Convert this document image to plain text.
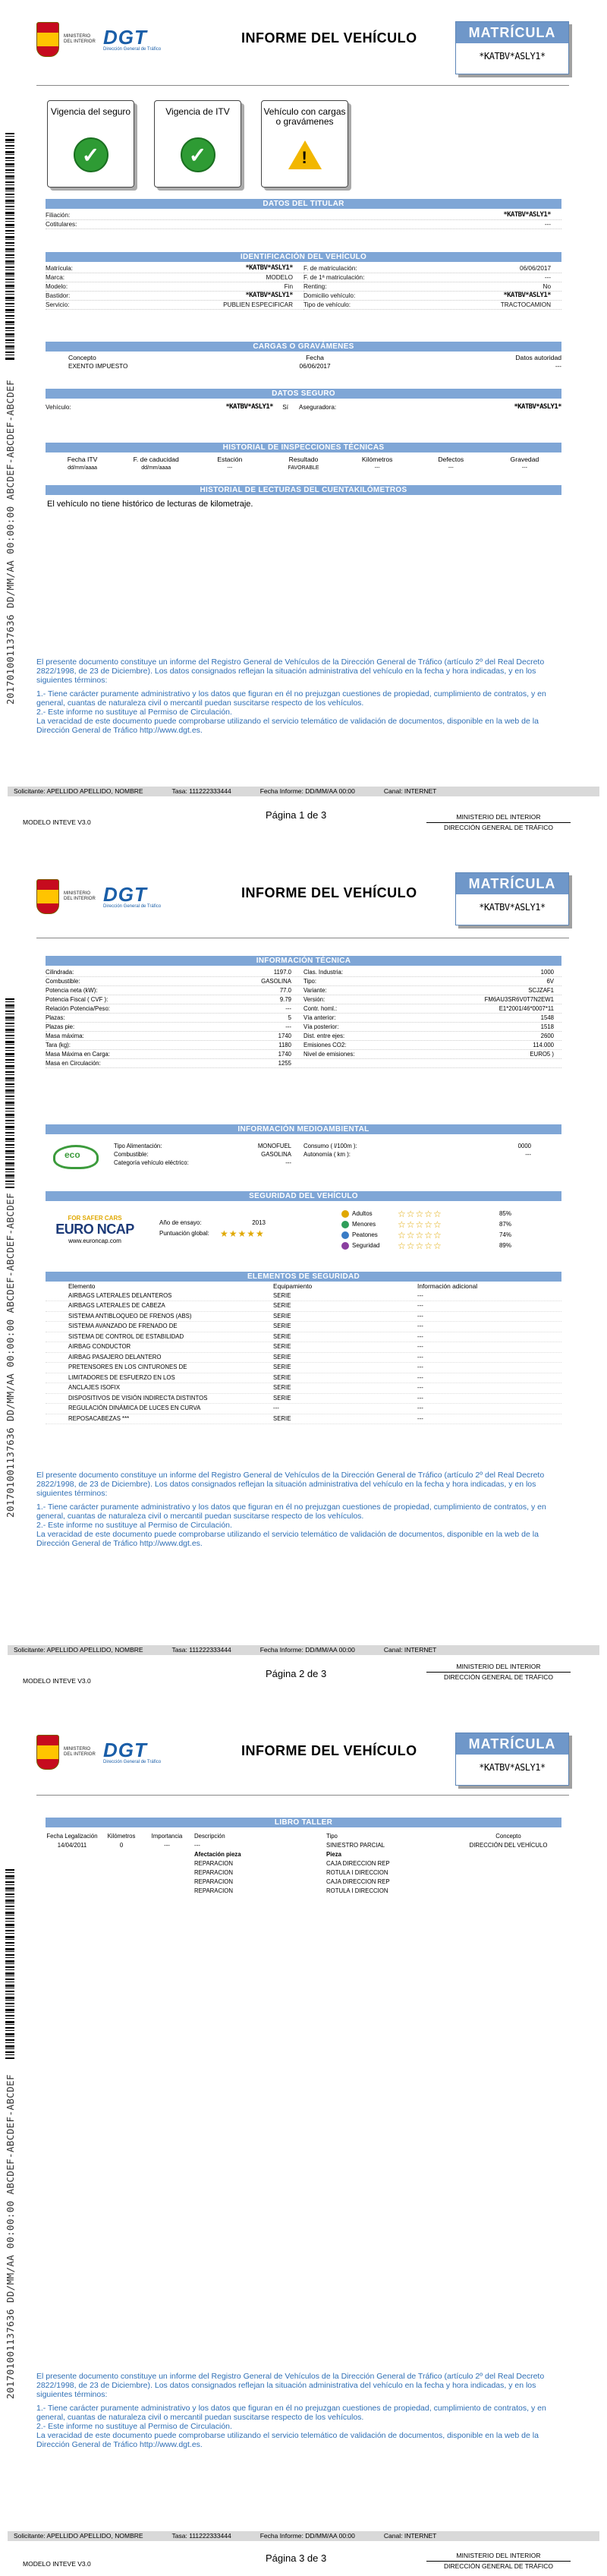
20170100113763​6 DD/MM/AA 00:00:00 ABCDEF-ABCDEF-ABCDEF
MINISTERIO DEL INTERIOR DGT
Dirección General de Tráfico
INFORME DEL VEHÍCULO	MATRÍCULA
*KATBV*ASLY1*
Vigencia del seguro
✓
Vigencia de ITV
✓
Vehículo con cargas o gravámenes
!
DATOS DEL TITULAR
Filiación:	*KATBV*ASLY1*
Cotitulares:	---
IDENTIFICACIÓN DEL VEHÍCULO
Matrícula:	*KATBV*ASLY1*
Marca:	MODELO
Modelo:	Fin
Bastidor:	*KATBV*ASLY1*
Servicio:	PUBLIEN ESPECIFICAR
F. de matriculación:	06/06/2017
F. de 1ª matriculación:	---
Renting:	No
Domicilio vehículo:	*KATBV*ASLY1*
Tipo de vehículo:	TRACTOCAMION
CARGAS O GRAVÁMENES
Concepto	Fecha	Datos autoridad
EXENTO IMPUESTO	06/06/2017	---
DATOS SEGURO
Vehículo:	*KATBV*ASLY1*	Sí	Aseguradora:	*KATBV*ASLY1*
HISTORIAL DE INSPECCIONES TÉCNICAS
Fecha ITV	F. de caducidad	Estación	Resultado	Kilómetros	Defectos	Gravedad
dd/mm/aaaa	dd/mm/aaaa	---	FAVORABLE	---	---	---
HISTORIAL DE LECTURAS DEL CUENTAKILÓMETROS
El vehículo no tiene histórico de lecturas de kilometraje.

El presente documento constituye un informe del Registro General de Vehículos de la Dirección General de Tráfico (artículo 2º del Real Decreto 2822/1998, de 23 de Diciembre). Los datos consignados reflejan la situación administrativa del vehículo en la fecha y hora indicadas, y en los siguientes términos:

1.- Tiene carácter puramente administrativo y los datos que figuran en él no prejuzgan cuestiones de propiedad, cumplimiento de contratos, y en general, cuantas de naturaleza civil o mercantil puedan suscitarse respecto de los vehículos.

2.- Este informe no sustituye al Permiso de Circulación.

La veracidad de este documento puede comprobarse utilizando el servicio telemático de validación de documentos, disponible en la web de la Dirección General de Tráfico http://www.dgt.es.

Solicitante: APELLIDO APELLIDO, NOMBRE	Tasa: 111222333444	Fecha Informe: DD/MM/AA 00:00	Canal: INTERNET
MODELO INTEVE V3.0
Página 1 de 3	MINISTERIO DEL INTERIOR
DIRECCIÓN GENERAL DE TRÁFICO
20170100113763​6 DD/MM/AA 00:00:00 ABCDEF-ABCDEF-ABCDEF
MINISTERIO DEL INTERIOR DGT
Dirección General de Tráfico
INFORME DEL VEHÍCULO
MATRÍCULA
*KATBV*ASLY1*
INFORMACIÓN TÉCNICA
Cilindrada:	1197.0	Clas. Industria:	1000
Combustible:	GASOLINA	Tipo:	6V
Potencia neta (kW):	77.0	Variante:	SCJZAF1
Potencia Fiscal ( CVF ):	9.79	Versión:	FM6AU3SR6V0T7N2EW1
Relación Potencia/Peso:	---	Contr. homl.:	E1*2001/46*0007*11
Plazas:	5	Vía anterior:	1548
Plazas pie:	---	Vía posterior:	1518
Masa máxima:	1740	Dist. entre ejes:	2600
Tara (kg):	1180	Emisiones CO2:	114.000
Masa Máxima en Carga:	1740	Nivel de emisiones:	EURO5 )
Masa en Circulación:	1255
INFORMACIÓN MEDIOAMBIENTAL
eco
Tipo Alimentación:	MONOFUEL	Consumo ( l/100m ):	0000
Combustible:	GASOLINA	Autonomía ( km ):	---
Categoría vehículo eléctrico:	---
SEGURIDAD DEL VEHÍCULO
FOR SAFER CARS
EURO NCAP
www.euroncap.com
Año de ensayo:	2013
Puntuación global:	★★★★★
Adultos	☆☆☆☆☆	85%
Menores	☆☆☆☆☆	87%
Peatones	☆☆☆☆☆	74%
Seguridad	☆☆☆☆☆	89%
ELEMENTOS DE SEGURIDAD
Elemento	Equipamiento	Información adicional
AIRBAGS LATERALES DELANTEROS	SERIE	---
AIRBAGS LATERALES DE CABEZA	SERIE	---
SISTEMA ANTIBLOQUEO DE FRENOS (ABS)	SERIE	---
SISTEMA AVANZADO DE FRENADO DE	SERIE	---
SISTEMA DE CONTROL DE ESTABILIDAD	SERIE	---
AIRBAG CONDUCTOR	SERIE	---
AIRBAG PASAJERO DELANTERO	SERIE	---
PRETENSORES EN LOS CINTURONES DE	SERIE	---
LIMITADORES DE ESFUERZO EN LOS	SERIE	---
ANCLAJES ISOFIX	SERIE	---
DISPOSITIVOS DE VISIÓN INDIRECTA DISTINTOS	SERIE	---
REGULACIÓN DINÁMICA DE LUCES EN CURVA	---	---
REPOSACABEZAS ***	SERIE	---

El presente documento constituye un informe del Registro General de Vehículos de la Dirección General de Tráfico (artículo 2º del Real Decreto 2822/1998, de 23 de Diciembre). Los datos consignados reflejan la situación administrativa del vehículo en la fecha y hora indicadas, y en los siguientes términos:

1.- Tiene carácter puramente administrativo y los datos que figuran en él no prejuzgan cuestiones de propiedad, cumplimiento de contratos, y en general, cuantas de naturaleza civil o mercantil puedan suscitarse respecto de los vehículos.

2.- Este informe no sustituye al Permiso de Circulación.

La veracidad de este documento puede comprobarse utilizando el servicio telemático de validación de documentos, disponible en la web de la Dirección General de Tráfico http://www.dgt.es.

Solicitante: APELLIDO APELLIDO, NOMBRE	Tasa: 111222333444	Fecha Informe: DD/MM/AA 00:00	Canal: INTERNET
MODELO INTEVE V3.0
Página 2 de 3
MINISTERIO DEL INTERIOR
DIRECCIÓN GENERAL DE TRÁFICO
20170100113763​6 DD/MM/AA 00:00:00 ABCDEF-ABCDEF-ABCDEF
MINISTERIO DEL INTERIOR DGT
Dirección General de Tráfico
INFORME DEL VEHÍCULO	MATRÍCULA
*KATBV*ASLY1*
LIBRO TALLER
Fecha Legalización	Kilómetros	Importancia	Descripción	Tipo	Concepto
14/04/2011	0	---	---	SINIESTRO PARCIAL	DIRECCIÓN DEL VEHÍCULO
Afectación pieza	Pieza
REPARACION	CAJA DIRECCION REP
REPARACION	ROTULA I DIRECCION
REPARACION	CAJA DIRECCION REP
REPARACION	ROTULA I DIRECCION

El presente documento constituye un informe del Registro General de Vehículos de la Dirección General de Tráfico (artículo 2º del Real Decreto 2822/1998, de 23 de Diciembre). Los datos consignados reflejan la situación administrativa del vehículo en la fecha y hora indicadas, y en los siguientes términos:

1.- Tiene carácter puramente administrativo y los datos que figuran en él no prejuzgan cuestiones de propiedad, cumplimiento de contratos, y en general, cuantas de naturaleza civil o mercantil puedan suscitarse respecto de los vehículos.

2.- Este informe no sustituye al Permiso de Circulación.

La veracidad de este documento puede comprobarse utilizando el servicio telemático de validación de documentos, disponible en la web de la Dirección General de Tráfico http://www.dgt.es.

Solicitante: APELLIDO APELLIDO, NOMBRE	Tasa: 111222333444	Fecha Informe: DD/MM/AA 00:00	Canal: INTERNET
MODELO INTEVE V3.0	Página 3 de 3	MINISTERIO DEL INTERIOR
DIRECCIÓN GENERAL DE TRÁFICO
